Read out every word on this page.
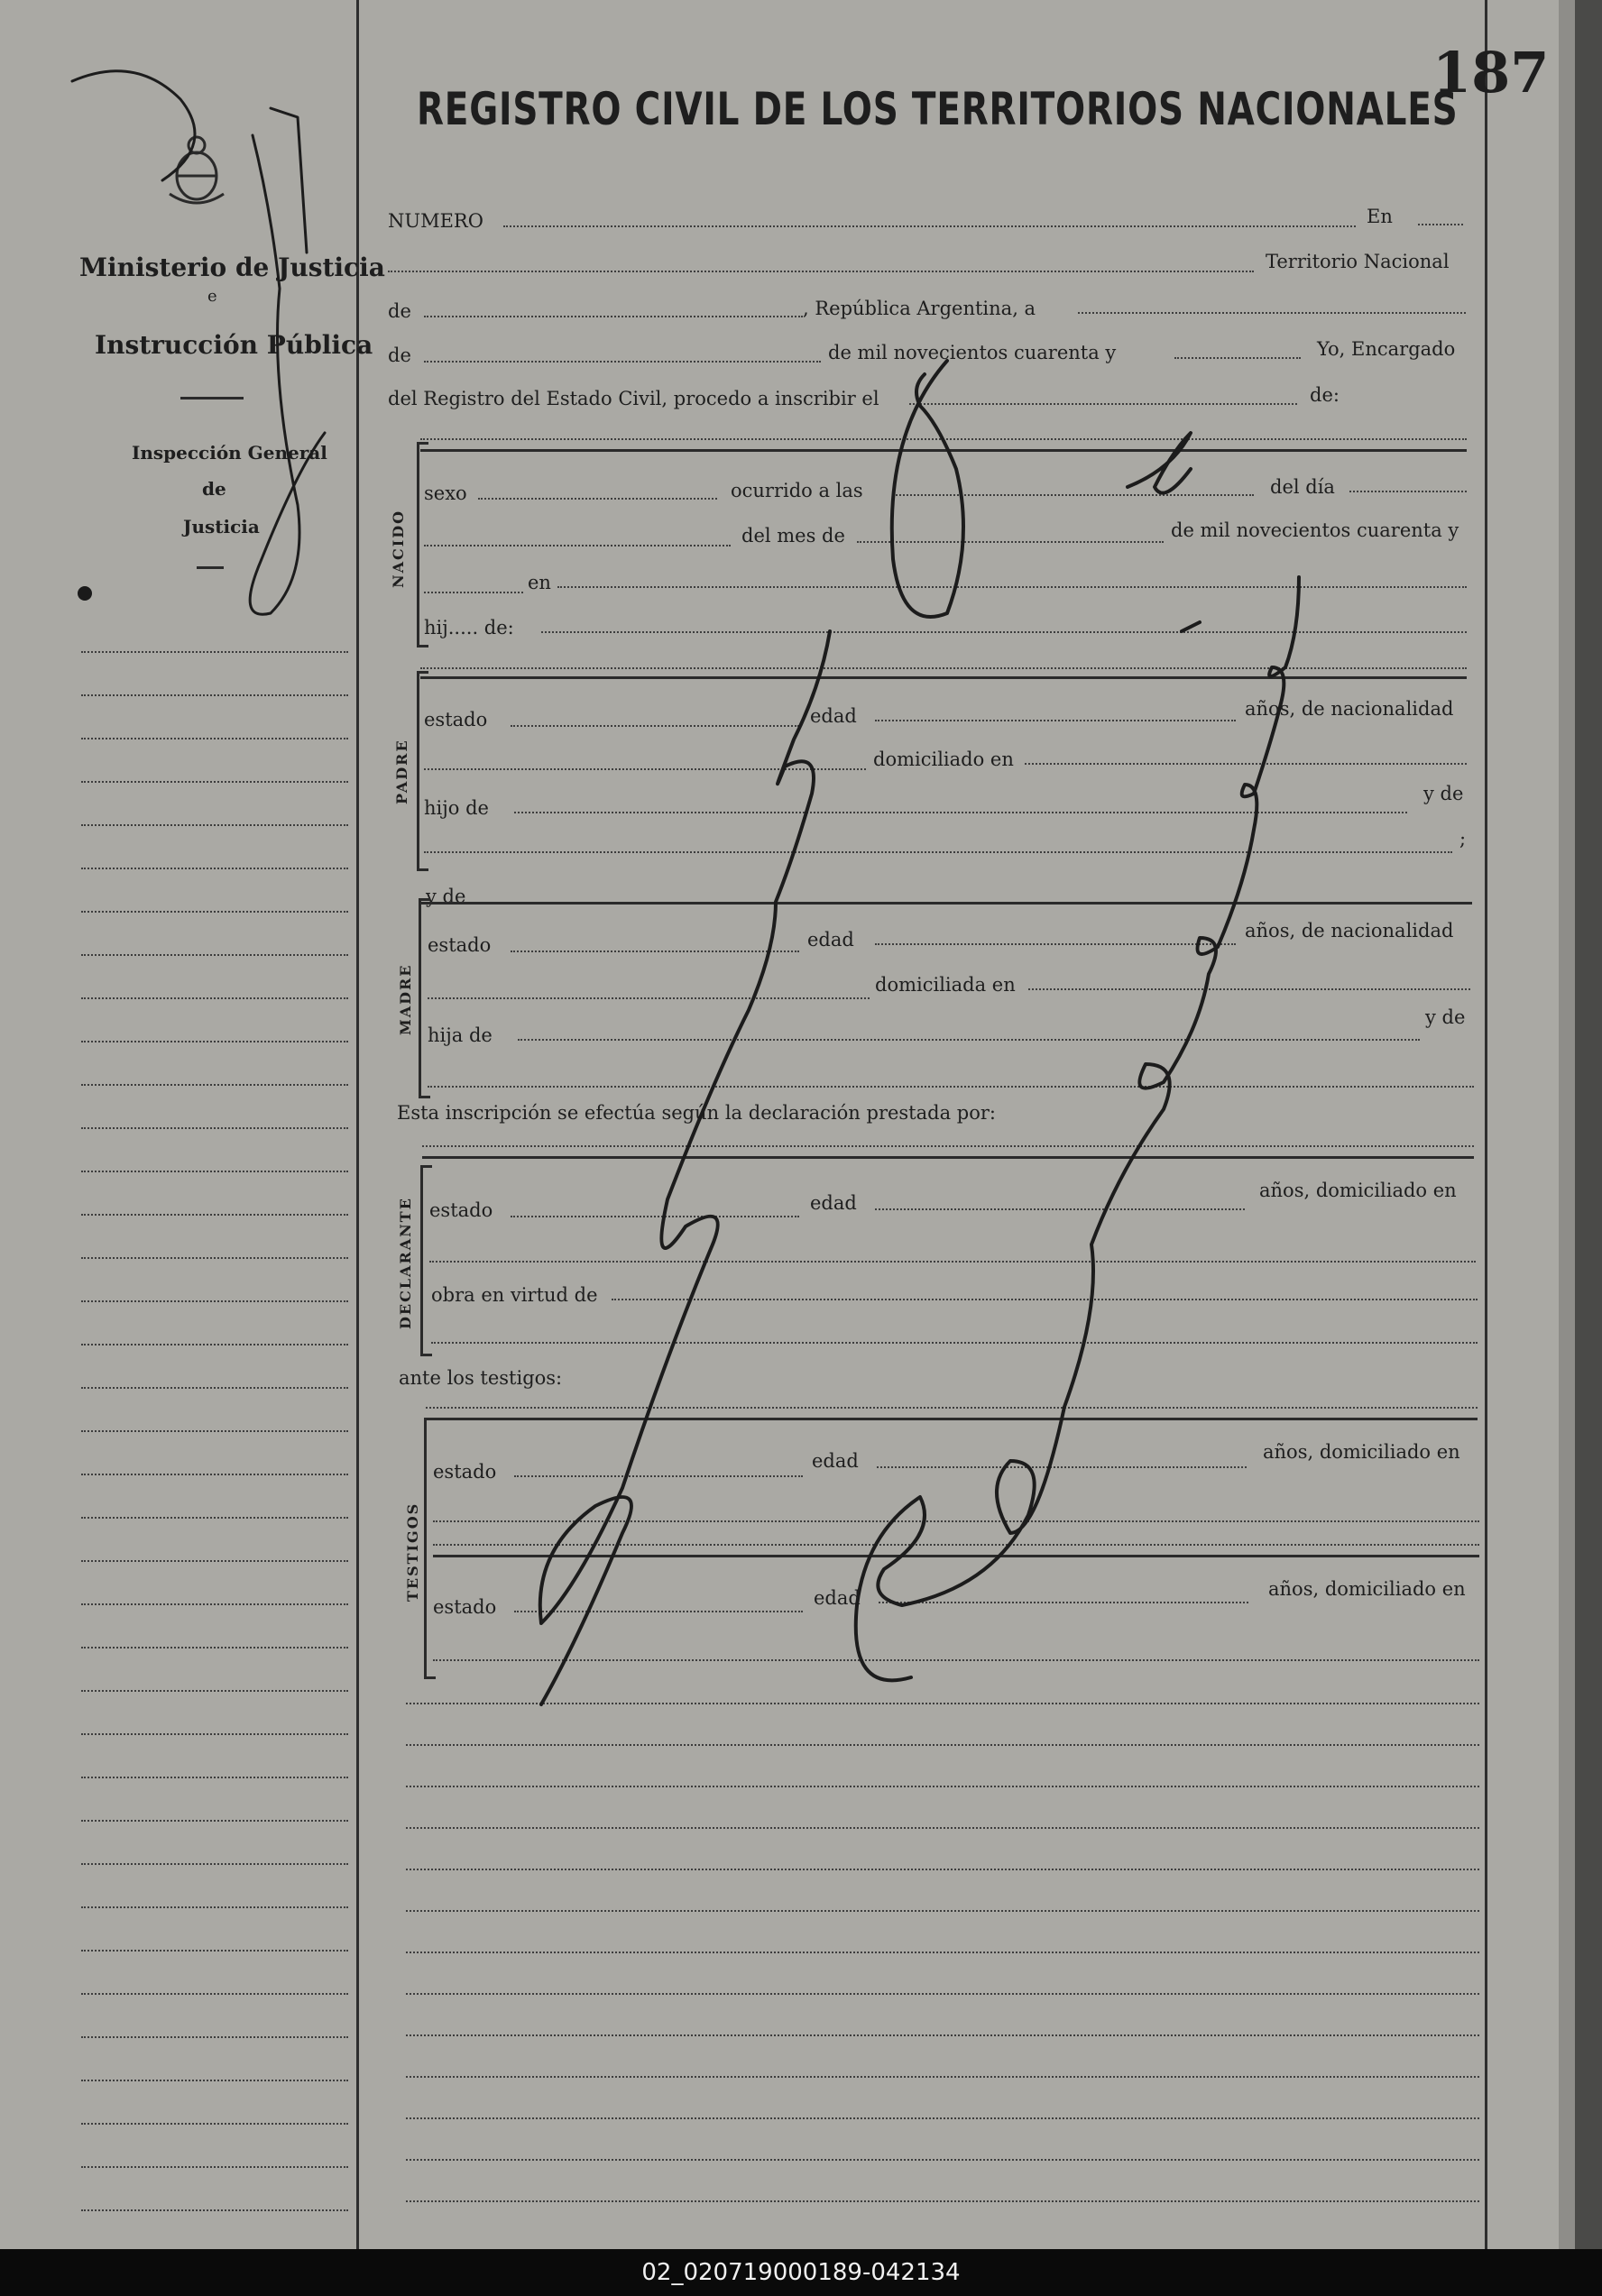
187
REGISTRO CIVIL DE LOS TERRITORIOS NACIONALES
Ministerio de Justicia
e
Instrucción Pública
Inspección General
de
Justicia
NUMERO	En
Territorio Nacional
de	, República Argentina, a
de	de mil novecientos cuarenta y	Yo, Encargado
del Registro del Estado Civil, procedo a inscribir el	de:
NACIDO
sexo	ocurrido a las	del día
del mes de	de mil novecientos cuarenta y
en
hij..... de:
PADRE
estado	edad	años, de nacionalidad
domiciliado en
hijo de
y de
;
y de
MADRE
estado	edad	años, de nacionalidad
domiciliada en
hija de
y de
Esta inscripción se efectúa según la declaración prestada por:
DECLARANTE estado	edad
años, domiciliado en
obra en virtud de
ante los testigos:
TESTIGOS
estado	edad	años, domiciliado en
estado	edad	años, domiciliado en
02_020719000189-042134
